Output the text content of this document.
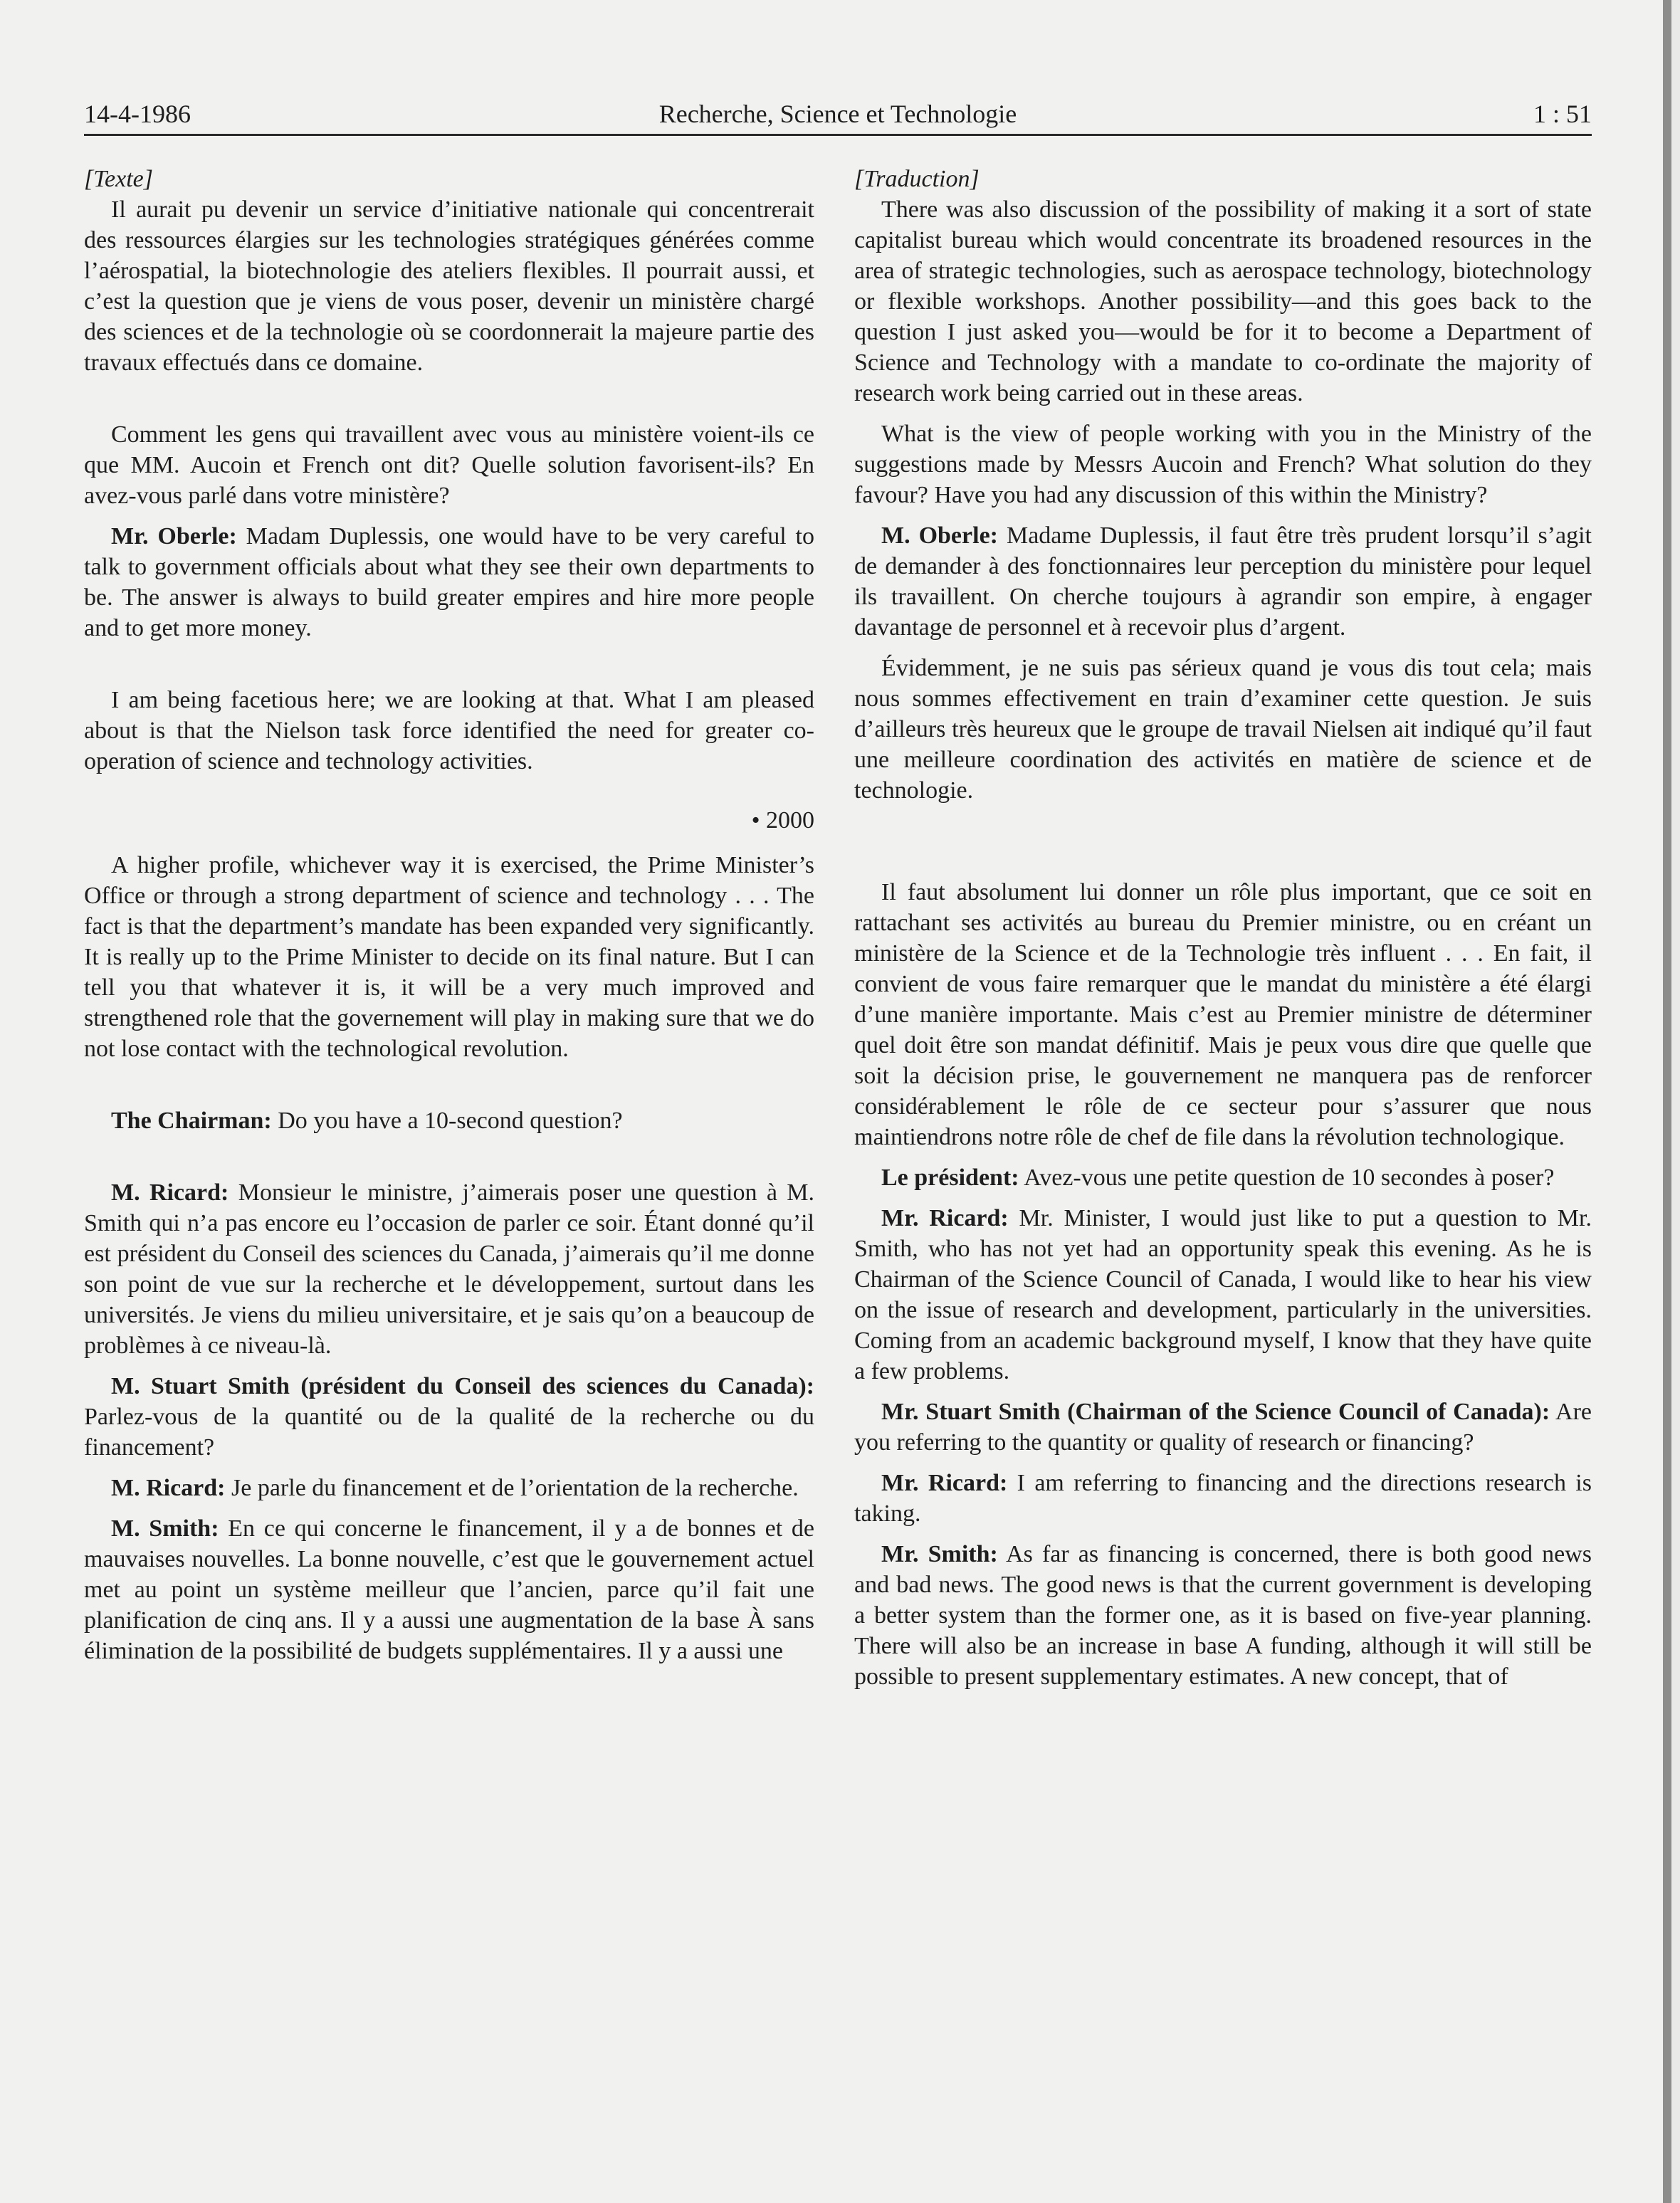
14-4-1986	Recherche, Science et Technologie	1 : 51

[Texte]

Il aurait pu devenir un service d’initiative nationale qui concentrerait des ressources élargies sur les technologies stratégiques générées comme l’aérospatial, la biotechnologie des ateliers flexibles. Il pourrait aussi, et c’est la question que je viens de vous poser, devenir un ministère chargé des sciences et de la technologie où se coordonnerait la majeure partie des travaux effectués dans ce domaine.

Comment les gens qui travaillent avec vous au ministère voient-ils ce que MM. Aucoin et French ont dit? Quelle solution favorisent-ils? En avez-vous parlé dans votre ministère?

Mr. Oberle: Madam Duplessis, one would have to be very careful to talk to government officials about what they see their own departments to be. The answer is always to build greater empires and hire more people and to get more money.

I am being facetious here; we are looking at that. What I am pleased about is that the Nielson task force identified the need for greater co-operation of science and technology activities.

• 2000

A higher profile, whichever way it is exercised, the Prime Minister’s Office or through a strong department of science and technology . . . The fact is that the department’s mandate has been expanded very significantly. It is really up to the Prime Minister to decide on its final nature. But I can tell you that whatever it is, it will be a very much improved and strengthened role that the governement will play in making sure that we do not lose contact with the technological revolution.

The Chairman: Do you have a 10-second question?

M. Ricard: Monsieur le ministre, j’aimerais poser une question à M. Smith qui n’a pas encore eu l’occasion de parler ce soir. Étant donné qu’il est président du Conseil des sciences du Canada, j’aimerais qu’il me donne son point de vue sur la recherche et le développement, surtout dans les universités. Je viens du milieu universitaire, et je sais qu’on a beaucoup de problèmes à ce niveau-là.

M. Stuart Smith (président du Conseil des sciences du Canada): Parlez-vous de la quantité ou de la qualité de la recherche ou du financement?

M. Ricard: Je parle du financement et de l’orientation de la recherche.

M. Smith: En ce qui concerne le financement, il y a de bonnes et de mauvaises nouvelles. La bonne nouvelle, c’est que le gouvernement actuel met au point un système meilleur que l’ancien, parce qu’il fait une planification de cinq ans. Il y a aussi une augmentation de la base À sans élimination de la possibilité de budgets supplémentaires. Il y a aussi une

[Traduction]

There was also discussion of the possibility of making it a sort of state capitalist bureau which would concentrate its broadened resources in the area of strategic technologies, such as aerospace technology, biotechnology or flexible workshops. Another possibility—and this goes back to the question I just asked you—would be for it to become a Department of Science and Technology with a mandate to co-ordinate the majority of research work being carried out in these areas.

What is the view of people working with you in the Ministry of the suggestions made by Messrs Aucoin and French? What solution do they favour? Have you had any discussion of this within the Ministry?

M. Oberle: Madame Duplessis, il faut être très prudent lorsqu’il s’agit de demander à des fonctionnaires leur perception du ministère pour lequel ils travaillent. On cherche toujours à agrandir son empire, à engager davantage de personnel et à recevoir plus d’argent.

Évidemment, je ne suis pas sérieux quand je vous dis tout cela; mais nous sommes effectivement en train d’examiner cette question. Je suis d’ailleurs très heureux que le groupe de travail Nielsen ait indiqué qu’il faut une meilleure coordination des activités en matière de science et de technologie.

Il faut absolument lui donner un rôle plus important, que ce soit en rattachant ses activités au bureau du Premier ministre, ou en créant un ministère de la Science et de la Technologie très influent . . . En fait, il convient de vous faire remarquer que le mandat du ministère a été élargi d’une manière importante. Mais c’est au Premier ministre de déterminer quel doit être son mandat définitif. Mais je peux vous dire que quelle que soit la décision prise, le gouvernement ne manquera pas de renforcer considérablement le rôle de ce secteur pour s’assurer que nous maintiendrons notre rôle de chef de file dans la révolution technologique.

Le président: Avez-vous une petite question de 10 secondes à poser?

Mr. Ricard: Mr. Minister, I would just like to put a question to Mr. Smith, who has not yet had an opportunity speak this evening. As he is Chairman of the Science Council of Canada, I would like to hear his view on the issue of research and development, particularly in the universities. Coming from an academic background myself, I know that they have quite a few problems.

Mr. Stuart Smith (Chairman of the Science Council of Canada): Are you referring to the quantity or quality of research or financing?

Mr. Ricard: I am referring to financing and the directions research is taking.

Mr. Smith: As far as financing is concerned, there is both good news and bad news. The good news is that the current government is developing a better system than the former one, as it is based on five-year planning. There will also be an increase in base A funding, although it will still be possible to present supplementary estimates. A new concept, that of
